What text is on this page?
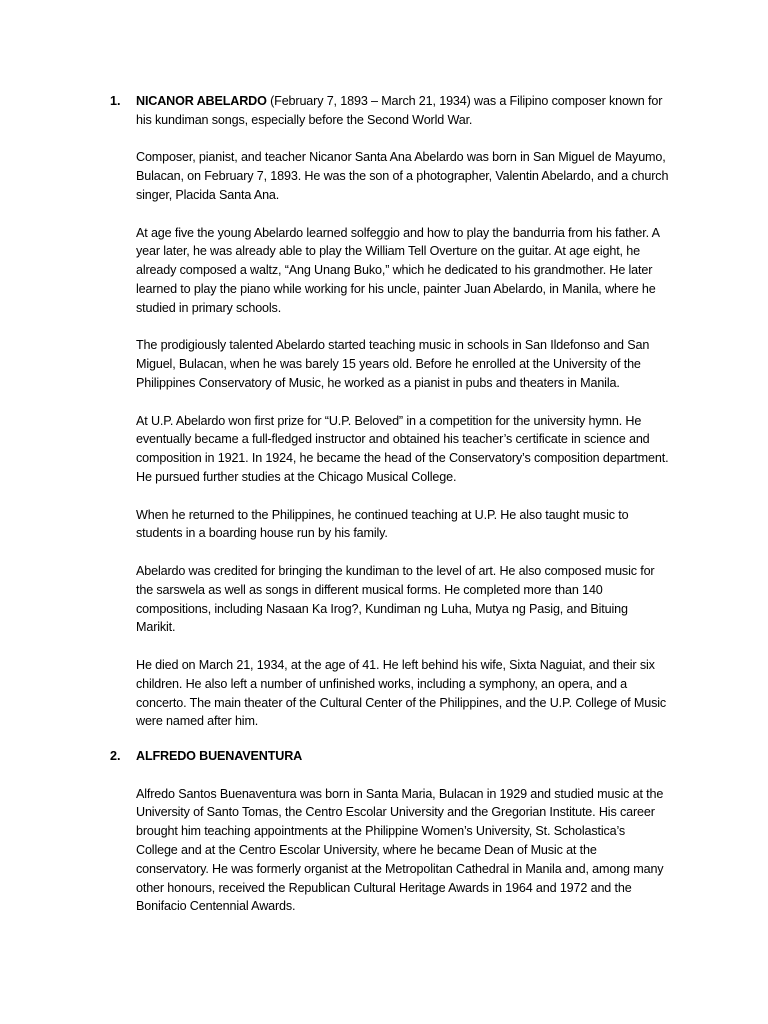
1. NICANOR ABELARDO (February 7, 1893 – March 21, 1934) was a Filipino composer known for his kundiman songs, especially before the Second World War.

Composer, pianist, and teacher Nicanor Santa Ana Abelardo was born in San Miguel de Mayumo, Bulacan, on February 7, 1893. He was the son of a photographer, Valentin Abelardo, and a church singer, Placida Santa Ana.

At age five the young Abelardo learned solfeggio and how to play the bandurria from his father. A year later, he was already able to play the William Tell Overture on the guitar. At age eight, he already composed a waltz, “Ang Unang Buko,” which he dedicated to his grandmother. He later learned to play the piano while working for his uncle, painter Juan Abelardo, in Manila, where he studied in primary schools.

The prodigiously talented Abelardo started teaching music in schools in San Ildefonso and San Miguel, Bulacan, when he was barely 15 years old. Before he enrolled at the University of the Philippines Conservatory of Music, he worked as a pianist in pubs and theaters in Manila.

At U.P. Abelardo won first prize for “U.P. Beloved” in a competition for the university hymn. He eventually became a full-fledged instructor and obtained his teacher’s certificate in science and composition in 1921. In 1924, he became the head of the Conservatory’s composition department. He pursued further studies at the Chicago Musical College.

When he returned to the Philippines, he continued teaching at U.P. He also taught music to students in a boarding house run by his family.

Abelardo was credited for bringing the kundiman to the level of art. He also composed music for the sarswela as well as songs in different musical forms. He completed more than 140 compositions, including Nasaan Ka Irog?, Kundiman ng Luha, Mutya ng Pasig, and Bituing Marikit.

He died on March 21, 1934, at the age of 41. He left behind his wife, Sixta Naguiat, and their six children. He also left a number of unfinished works, including a symphony, an opera, and a concerto. The main theater of the Cultural Center of the Philippines, and the U.P. College of Music were named after him.

2. ALFREDO BUENAVENTURA

Alfredo Santos Buenaventura was born in Santa Maria, Bulacan in 1929 and studied music at the University of Santo Tomas, the Centro Escolar University and the Gregorian Institute. His career brought him teaching appointments at the Philippine Women’s University, St. Scholastica’s College and at the Centro Escolar University, where he became Dean of Music at the conservatory. He was formerly organist at the Metropolitan Cathedral in Manila and, among many other honours, received the Republican Cultural Heritage Awards in 1964 and 1972 and the Bonifacio Centennial Awards.
